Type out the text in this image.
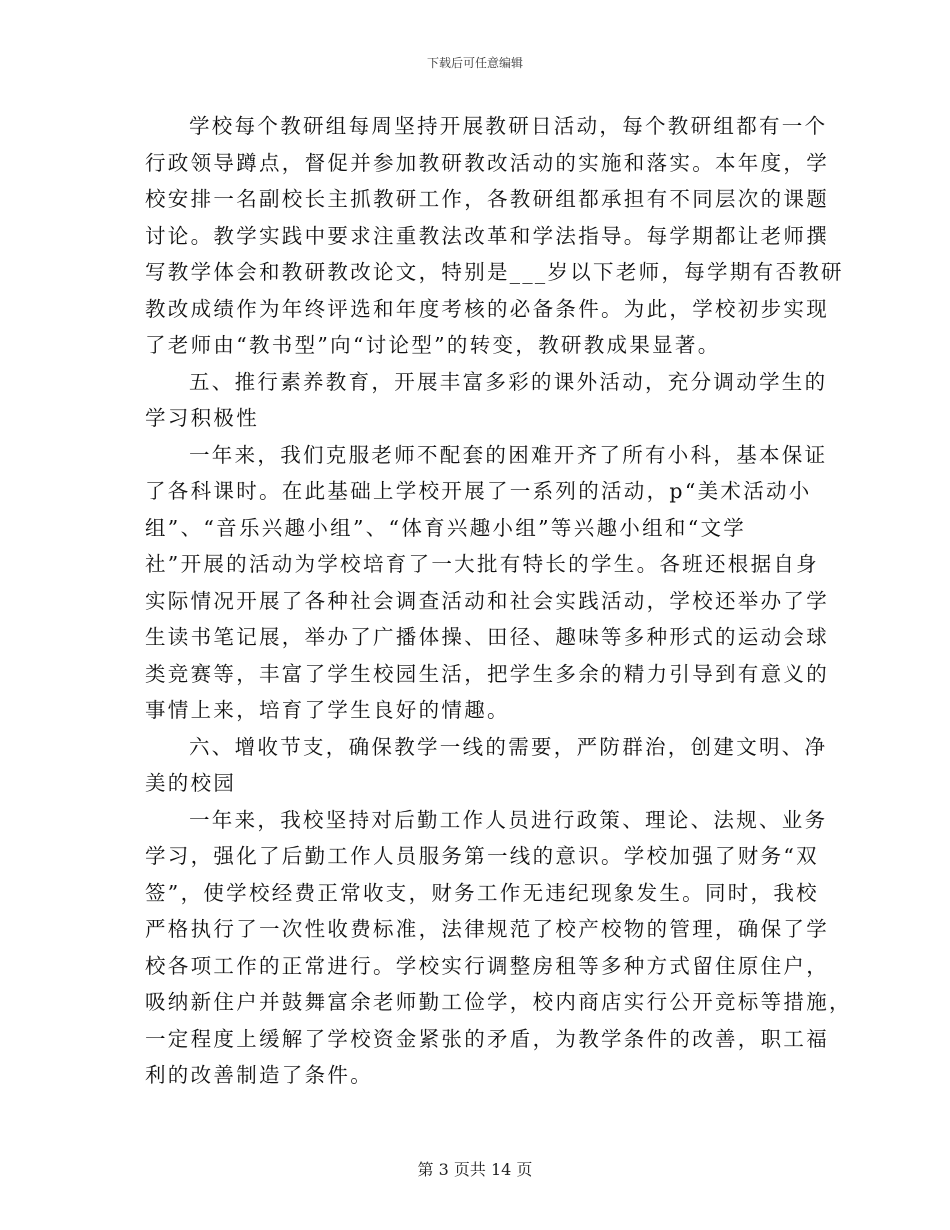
下载后可任意编辑
学校每个教研组每周坚持开展教研日活动，每个教研组都有一个
行政领导蹲点，督促并参加教研教改活动的实施和落实。本年度，学
校安排一名副校长主抓教研工作，各教研组都承担有不同层次的课题
讨论。教学实践中要求注重教法改革和学法指导。每学期都让老师撰
写教学体会和教研教改论文，特别是___岁以下老师，每学期有否教研
教改成绩作为年终评选和年度考核的必备条件。为此，学校初步实现
了老师由“教书型”向“讨论型”的转变，教研教成果显著。
五、推行素养教育，开展丰富多彩的课外活动，充分调动学生的
学习积极性
一年来，我们克服老师不配套的困难开齐了所有小科，基本保证
了各科课时。在此基础上学校开展了一系列的活动，p“美术活动小
组”、“音乐兴趣小组”、“体育兴趣小组”等兴趣小组和“文学
社”开展的活动为学校培育了一大批有特长的学生。各班还根据自身
实际情况开展了各种社会调查活动和社会实践活动，学校还举办了学
生读书笔记展，举办了广播体操、田径、趣味等多种形式的运动会球
类竞赛等，丰富了学生校园生活，把学生多余的精力引导到有意义的
事情上来，培育了学生良好的情趣。
六、增收节支，确保教学一线的需要，严防群治，创建文明、净
美的校园
一年来，我校坚持对后勤工作人员进行政策、理论、法规、业务
学习，强化了后勤工作人员服务第一线的意识。学校加强了财务“双
签”，使学校经费正常收支，财务工作无违纪现象发生。同时，我校
严格执行了一次性收费标准，法律规范了校产校物的管理，确保了学
校各项工作的正常进行。学校实行调整房租等多种方式留住原住户，
吸纳新住户并鼓舞富余老师勤工俭学，校内商店实行公开竞标等措施，
一定程度上缓解了学校资金紧张的矛盾，为教学条件的改善，职工福
利的改善制造了条件。
第 3 页共 14 页
